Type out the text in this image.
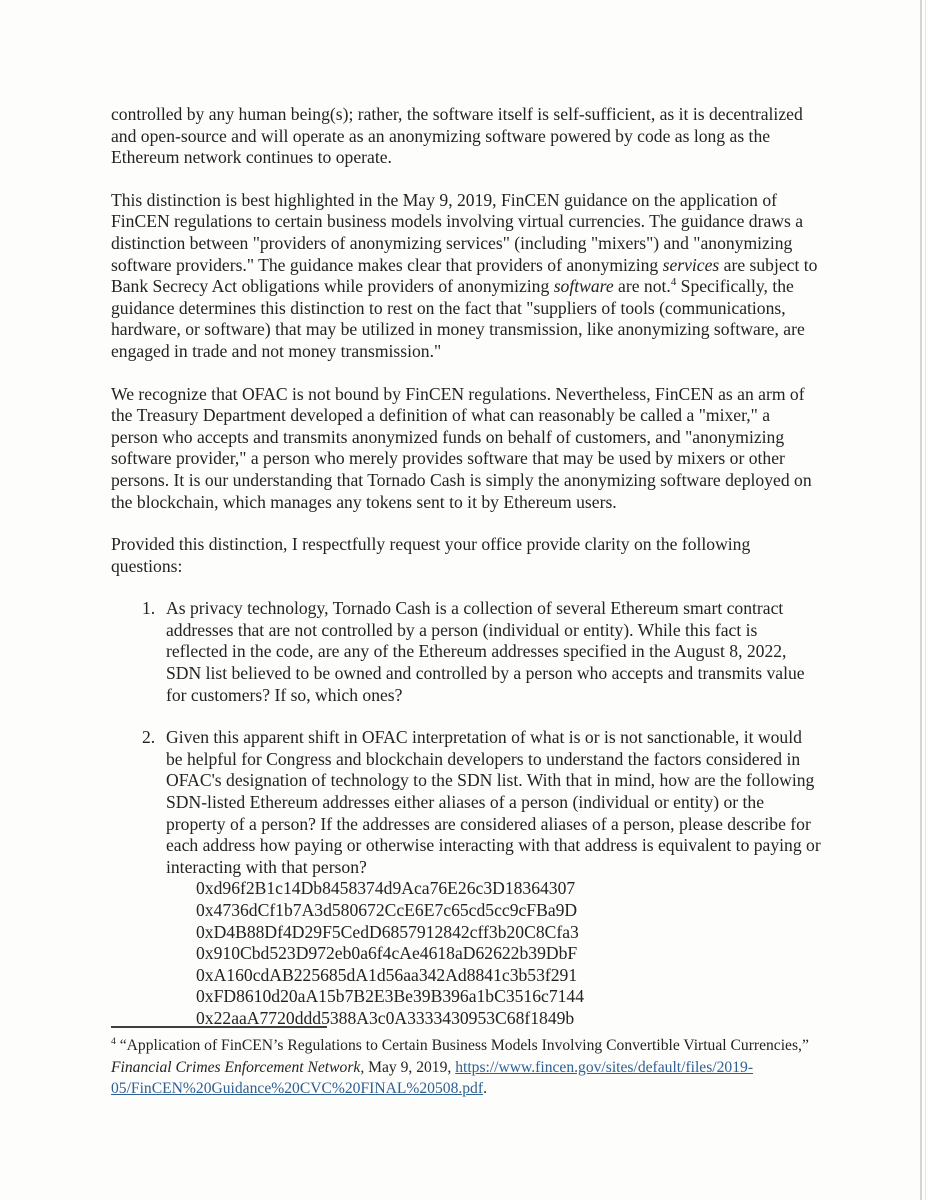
controlled by any human being(s); rather, the software itself is self-sufficient, as it is decentralized and open-source and will operate as an anonymizing software powered by code as long as the Ethereum network continues to operate.

This distinction is best highlighted in the May 9, 2019, FinCEN guidance on the application of FinCEN regulations to certain business models involving virtual currencies. The guidance draws a distinction between "providers of anonymizing services" (including "mixers") and "anonymizing software providers." The guidance makes clear that providers of anonymizing services are subject to Bank Secrecy Act obligations while providers of anonymizing software are not.$^4$ Specifically, the guidance determines this distinction to rest on the fact that "suppliers of tools (communications, hardware, or software) that may be utilized in money transmission, like anonymizing software, are engaged in trade and not money transmission."

We recognize that OFAC is not bound by FinCEN regulations. Nevertheless, FinCEN as an arm of the Treasury Department developed a definition of what can reasonably be called a "mixer," a person who accepts and transmits anonymized funds on behalf of customers, and "anonymizing software provider," a person who merely provides software that may be used by mixers or other persons. It is our understanding that Tornado Cash is simply the anonymizing software deployed on the blockchain, which manages any tokens sent to it by Ethereum users.

Provided this distinction, I respectfully request your office provide clarity on the following questions:

1. As privacy technology, Tornado Cash is a collection of several Ethereum smart contract addresses that are not controlled by a person (individual or entity). While this fact is reflected in the code, are any of the Ethereum addresses specified in the August 8, 2022, SDN list believed to be owned and controlled by a person who accepts and transmits value for customers? If so, which ones?
2. Given this apparent shift in OFAC interpretation of what is or is not sanctionable, it would be helpful for Congress and blockchain developers to understand the factors considered in OFAC's designation of technology to the SDN list. With that in mind, how are the following SDN-listed Ethereum addresses either aliases of a person (individual or entity) or the property of a person? If the addresses are considered aliases of a person, please describe for each address how paying or otherwise interacting with that address is equivalent to paying or interacting with that person?
0xd96f2B1c14Db8458374d9Aca76E26c3D18364307
0x4736dCf1b7A3d580672CcE6E7c65cd5cc9cFBa9D
0xD4B88Df4D29F5CedD6857912842cff3b20C8Cfa3
0x910Cbd523D972eb0a6f4cAe4618aD62622b39DbF
0xA160cdAB225685dA1d56aa342Ad8841c3b53f291
0xFD8610d20aA15b7B2E3Be39B396a1bC3516c7144
0x22aaA7720ddd5388A3c0A3333430953C68f1849b

$^4$ “Application of FinCEN’s Regulations to Certain Business Models Involving Convertible Virtual Currencies,”
Financial Crimes Enforcement Network, May 9, 2019, https://www.fincen.gov/sites/default/files/2019-
05/FinCEN%20Guidance%20CVC%20FINAL%20508.pdf.
